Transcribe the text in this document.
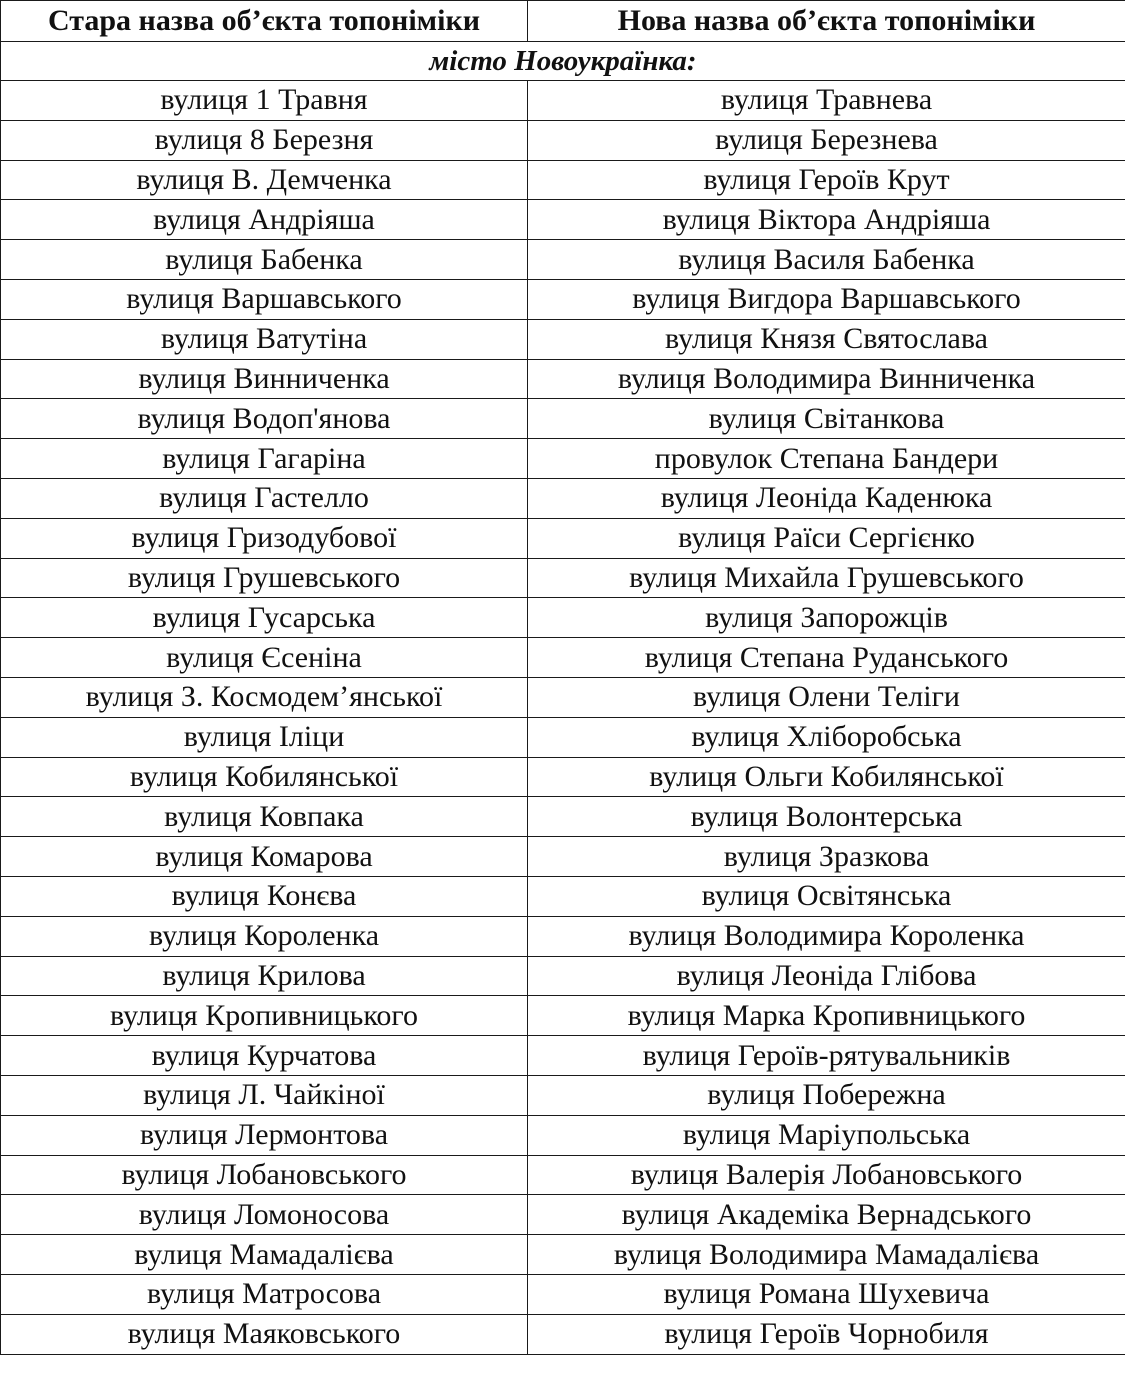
Стара назва об’єкта топоніміки	Нова назва об’єкта топоніміки
місто Новоукраїнка:	
вулиця 1 Травня	вулиця Травнева
вулиця 8 Березня	вулиця Березнева
вулиця В. Демченка	вулиця Героїв Крут
вулиця Андріяша	вулиця Віктора Андріяша
вулиця Бабенка	вулиця Василя Бабенка
вулиця Варшавського	вулиця Вигдора Варшавського
вулиця Ватутіна	вулиця Князя Святослава
вулиця Винниченка	вулиця Володимира Винниченка
вулиця Водоп'янова	вулиця Світанкова
вулиця Гагаріна	провулок Степана Бандери
вулиця Гастелло	вулиця Леоніда Каденюка
вулиця Гризодубової	вулиця Раїси Сергієнко
вулиця Грушевського	вулиця Михайла Грушевського
вулиця Гусарська	вулиця Запорожців
вулиця Єсеніна	вулиця Степана Руданського
вулиця З. Космодем’янської	вулиця Олени Теліги
вулиця Іліци	вулиця Хліборобська
вулиця Кобилянської	вулиця Ольги Кобилянської
вулиця Ковпака	вулиця Волонтерська
вулиця Комарова	вулиця Зразкова
вулиця Конєва	вулиця Освітянська
вулиця Короленка	вулиця Володимира Короленка
вулиця Крилова	вулиця Леоніда Глібова
вулиця Кропивницького	вулиця Марка Кропивницького
вулиця Курчатова	вулиця Героїв-рятувальників
вулиця Л. Чайкіної	вулиця Побережна
вулиця Лермонтова	вулиця Маріупольська
вулиця Лобановського	вулиця Валерія Лобановського
вулиця Ломоносова	вулиця Академіка Вернадського
вулиця Мамадалієва	вулиця Володимира Мамадалієва
вулиця Матросова	вулиця Романа Шухевича
вулиця Маяковського	вулиця Героїв Чорнобиля
